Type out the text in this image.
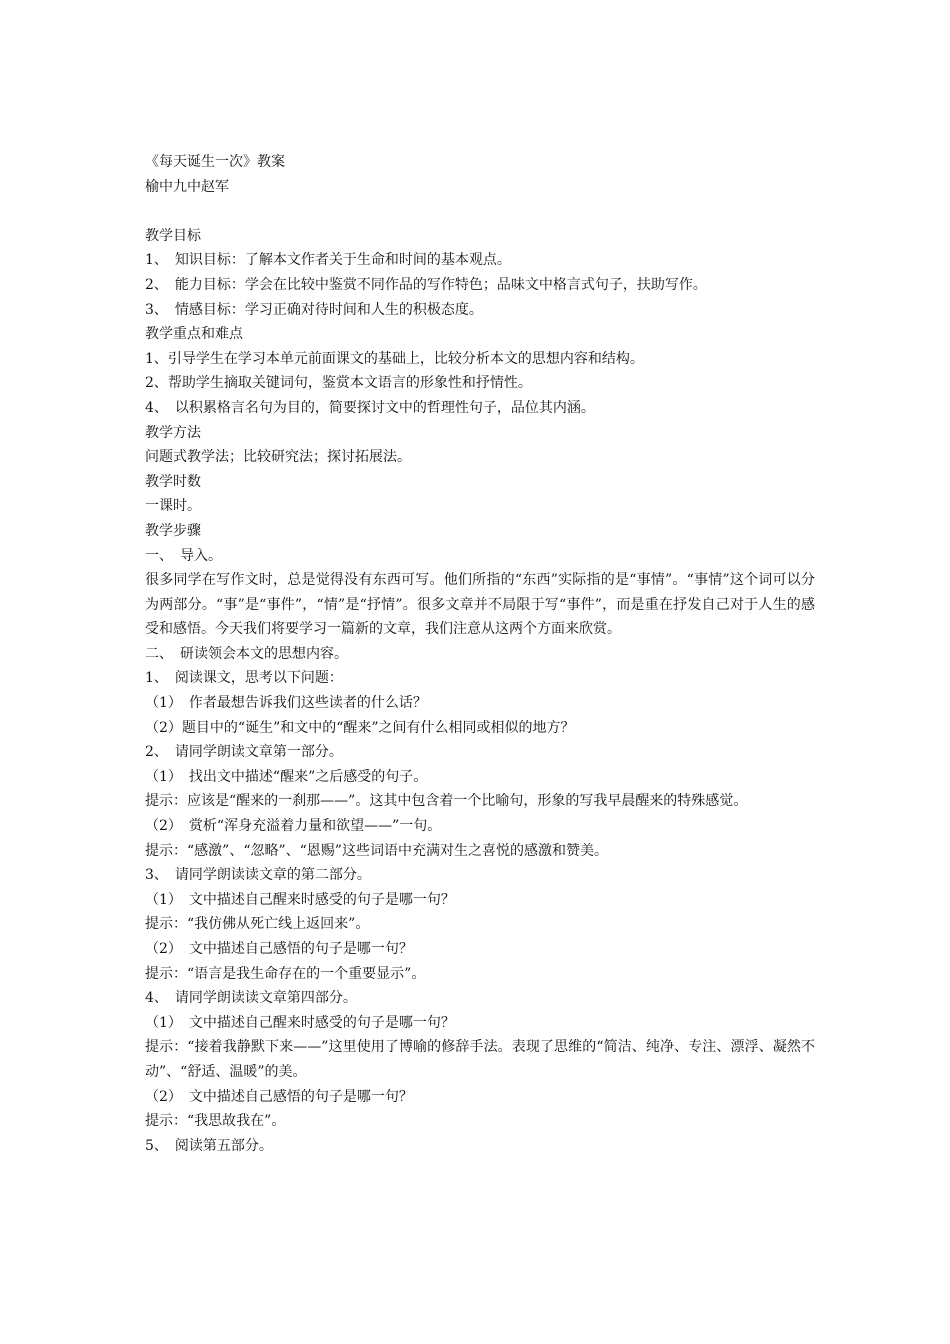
《每天诞生一次》教案
榆中九中赵军
教学目标
1、　知识目标：了解本文作者关于生命和时间的基本观点。
2、　能力目标：学会在比较中鉴赏不同作品的写作特色；品味文中格言式句子，扶助写作。
3、　情感目标：学习正确对待时间和人生的积极态度。
教学重点和难点
1、引导学生在学习本单元前面课文的基础上，比较分析本文的思想内容和结构。
2、帮助学生摘取关键词句，鉴赏本文语言的形象性和抒情性。
4、　以积累格言名句为目的，简要探讨文中的哲理性句子，品位其内涵。
教学方法
问题式教学法；比较研究法；探讨拓展法。
教学时数
一课时。
教学步骤
一、　导入。
很多同学在写作文时，总是觉得没有东西可写。他们所指的“东西”实际指的是“事情”。“事情”这个词可以分为两部分。“事”是“事件”，“情”是“抒情”。很多文章并不局限于写“事件”，而是重在抒发自己对于人生的感受和感悟。今天我们将要学习一篇新的文章，我们注意从这两个方面来欣赏。
二、　研读领会本文的思想内容。
1、　阅读课文，思考以下问题：
（1）　作者最想告诉我们这些读者的什么话？
（2）题目中的“诞生”和文中的“醒来”之间有什么相同或相似的地方？
2、　请同学朗读文章第一部分。
（1）　找出文中描述“醒来”之后感受的句子。
提示：应该是“醒来的一刹那——”。这其中包含着一个比喻句，形象的写我早晨醒来的特殊感觉。
（2）　赏析“浑身充溢着力量和欲望——”一句。
提示：“感激”、“忽略”、“恩赐”这些词语中充满对生之喜悦的感激和赞美。
3、　请同学朗读读文章的第二部分。
（1）　文中描述自己醒来时感受的句子是哪一句？
提示：“我仿佛从死亡线上返回来”。
（2）　文中描述自己感悟的句子是哪一句？
提示：“语言是我生命存在的一个重要显示”。
4、　请同学朗读读文章第四部分。
（1）　文中描述自己醒来时感受的句子是哪一句？
提示：“接着我静默下来——”这里使用了博喻的修辞手法。表现了思维的“简洁、纯净、专注、漂浮、凝然不动”、“舒适、温暖”的美。
（2）　文中描述自己感悟的句子是哪一句？
提示：“我思故我在”。
5、　阅读第五部分。
